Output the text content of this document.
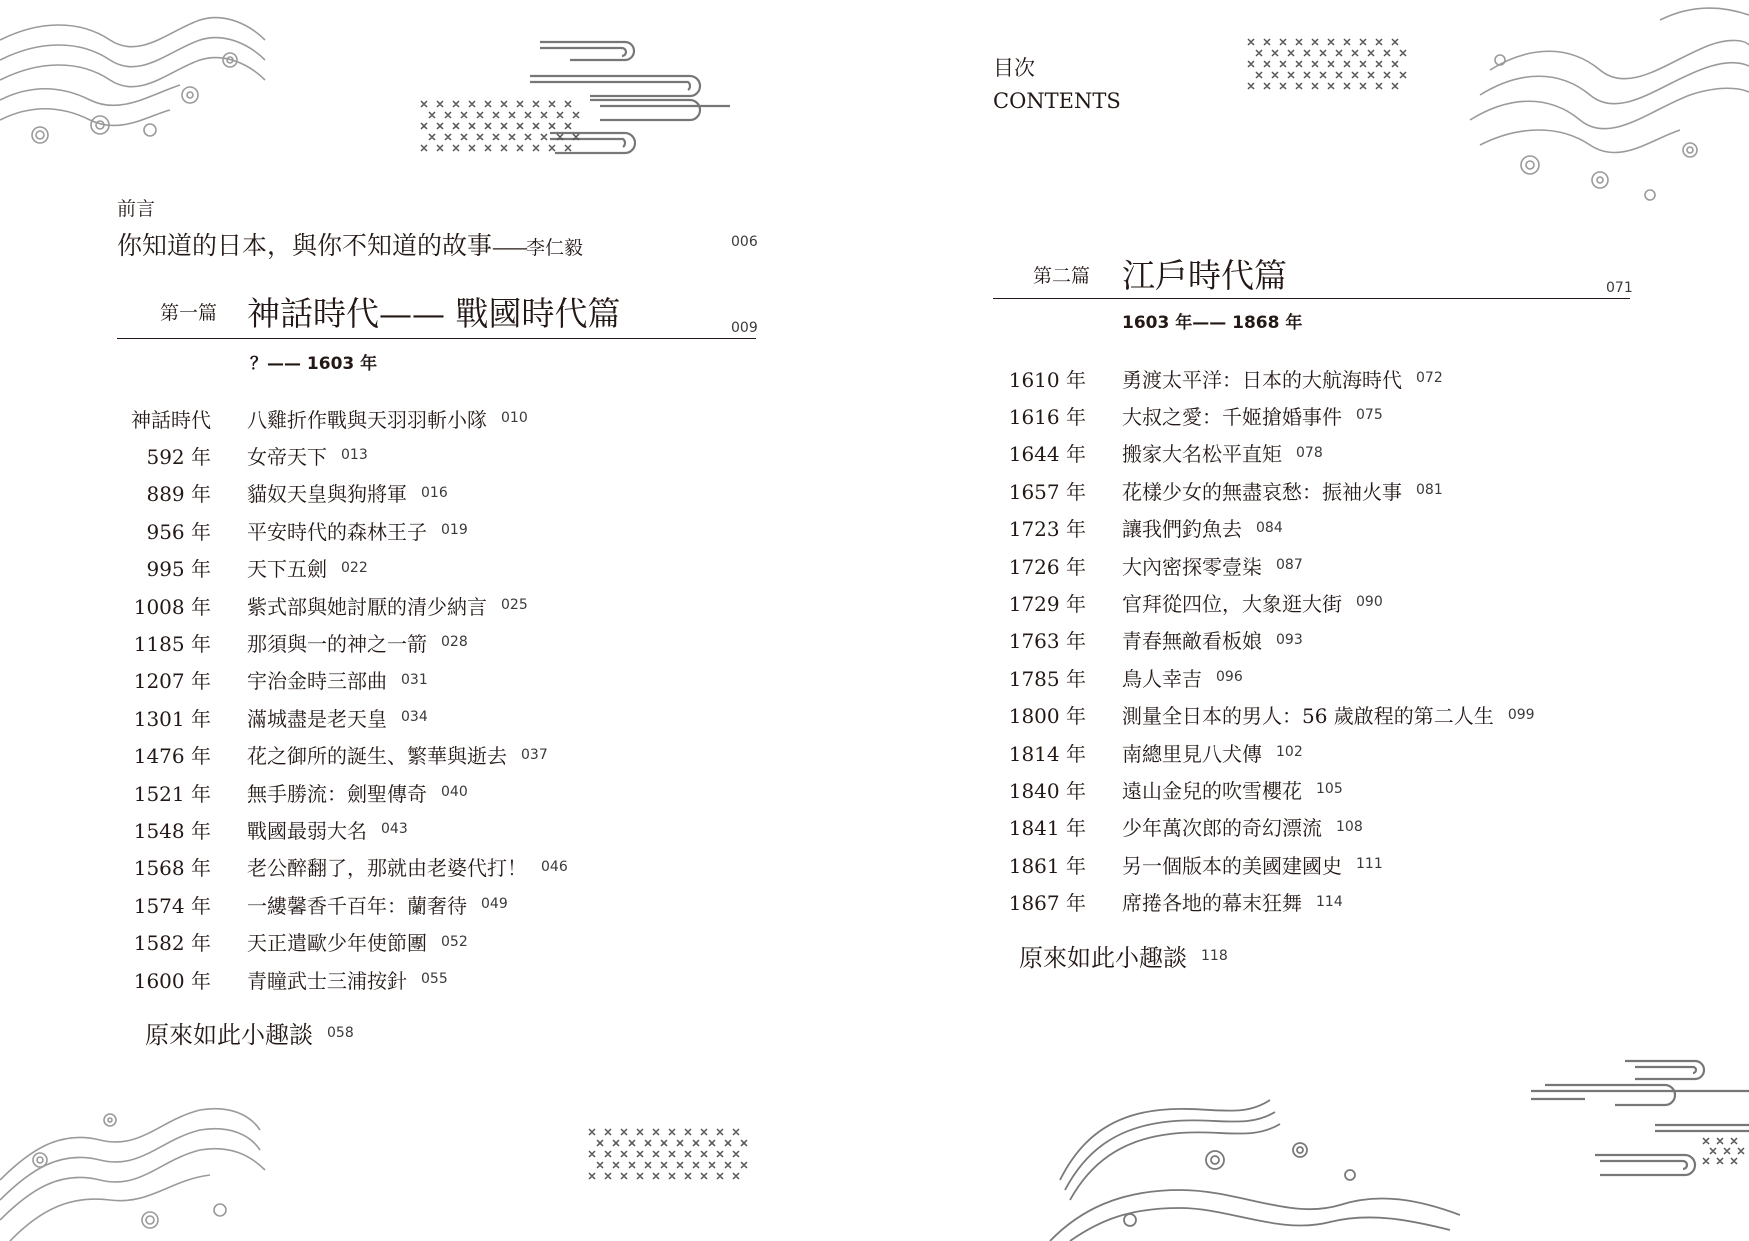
目次
CONTENTS
前言
你知道的日本，與你不知道的故事 —— 李仁毅	006
第一篇 神話時代—— 戰國時代篇	009
？—— 1603 年
神話時代 八雞折作戰與天羽羽斬小隊 010
592 年 女帝天下 013
889 年 貓奴天皇與狗將軍 016
956 年 平安時代的森林王子 019
995 年 天下五劍 022
1008 年 紫式部與她討厭的清少納言 025
1185 年 那須與一的神之一箭 028
1207 年 宇治金時三部曲 031
1301 年 滿城盡是老天皇 034
1476 年 花之御所的誕生、繁華與逝去 037
1521 年 無手勝流：劍聖傳奇 040
1548 年 戰國最弱大名 043
1568 年 老公醉翻了，那就由老婆代打！ 046
1574 年 一縷馨香千百年：蘭奢待 049
1582 年 天正遣歐少年使節團 052
1600 年 青瞳武士三浦按針 055
原來如此小趣談 058
第二篇 江戶時代篇	071
1603 年—— 1868 年
1610 年 勇渡太平洋：日本的大航海時代 072
1616 年 大叔之愛：千姬搶婚事件 075
1644 年 搬家大名松平直矩 078
1657 年 花樣少女的無盡哀愁：振袖火事 081
1723 年 讓我們釣魚去 084
1726 年 大內密探零壹柒 087
1729 年 官拜從四位，大象逛大街 090
1763 年 青春無敵看板娘 093
1785 年 鳥人幸吉 096
1800 年 測量全日本的男人：56 歲啟程的第二人生 099
1814 年 南總里見八犬傳 102
1840 年 遠山金兒的吹雪櫻花 105
1841 年 少年萬次郎的奇幻漂流 108
1861 年 另一個版本的美國建國史 111
1867 年 席捲各地的幕末狂舞 114
原來如此小趣談 118
